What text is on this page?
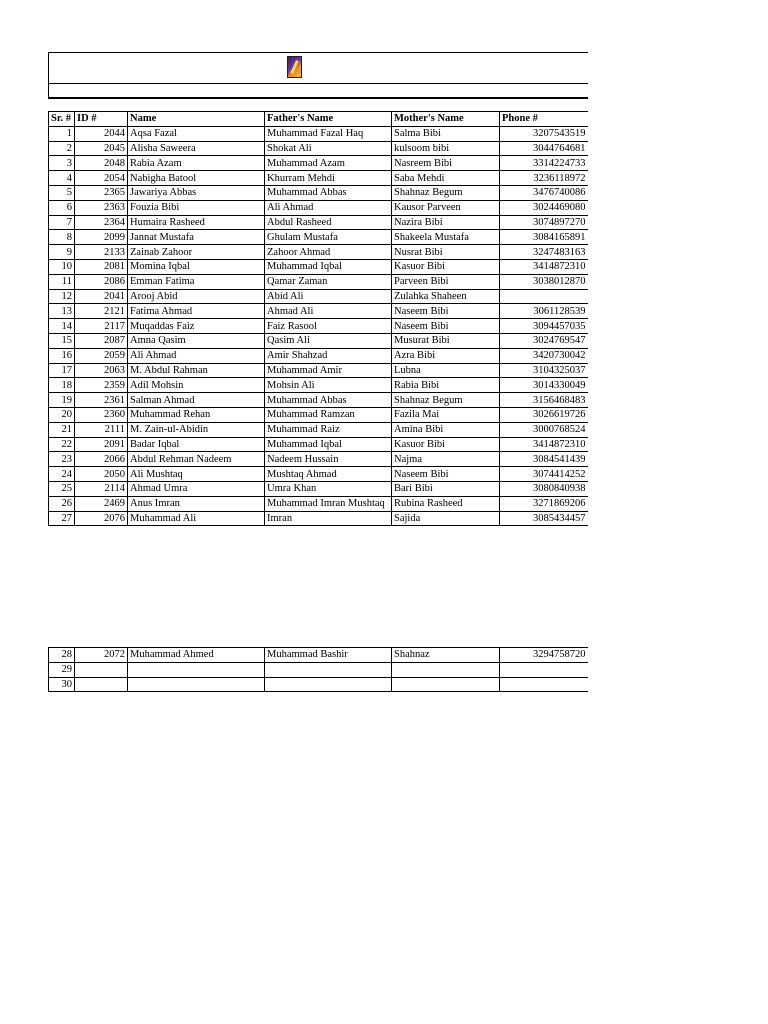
Sr. #	ID #	Name	Father's Name	Mother's Name	Phone #
1	2044	Aqsa Fazal	Muhammad Fazal Haq	Salma Bibi	3207543519
2	2045	Alisha Saweera	Shokat Ali	kulsoom bibi	3044764681
3	2048	Rabia Azam	Muhammad Azam	Nasreem Bibi	3314224733
4	2054	Nabigha Batool	Khurram Mehdi	Saba Mehdi	3236118972
5	2365	Jawariya Abbas	Muhammad Abbas	Shahnaz Begum	3476740086
6	2363	Fouzia Bibi	Ali Ahmad	Kausor Parveen	3024469080
7	2364	Humaira Rasheed	Abdul Rasheed	Nazira Bibi	3074897270
8	2099	Jannat Mustafa	Ghulam Mustafa	Shakeela Mustafa	3084165891
9	2133	Zainab Zahoor	Zahoor Ahmad	Nusrat Bibi	3247483163
10	2081	Momina Iqbal	Muhammad Iqbal	Kasuor Bibi	3414872310
11	2086	Emman Fatima	Qamar Zaman	Parveen Bibi	3038012870
12	2041	Arooj Abid	Abid Ali	Zulahka Shaheen	
13	2121	Fatima Ahmad	Ahmad Ali	Naseem Bibi	3061128539
14	2117	Muqaddas Faiz	Faiz Rasool	Naseem Bibi	3094457035
15	2087	Amna Qasim	Qasim Ali	Musurat Bibi	3024769547
16	2059	Ali Ahmad	Amir Shahzad	Azra Bibi	3420730042
17	2063	M. Abdul Rahman	Muhammad Amir	Lubna	3104325037
18	2359	Adil Mohsin	Mohsin Ali	Rabia Bibi	3014330049
19	2361	Salman Ahmad	Muhammad Abbas	Shahnaz Begum	3156468483
20	2360	Muhammad Rehan	Muhammad Ramzan	Fazila Mai	3026619726
21	2111	M. Zain-ul-Abidin	Muhammad Raiz	Amina Bibi	3000768524
22	2091	Badar Iqbal	Muhammad Iqbal	Kasuor Bibi	3414872310
23	2066	Abdul Rehman Nadeem	Nadeem Hussain	Najma	3084541439
24	2050	Ali Mushtaq	Mushtaq Ahmad	Naseem Bibi	3074414252
25	2114	Ahmad Umra	Umra Khan	Bari Bibi	3080840938
26	2469	Anus Imran	Muhammad Imran Mushtaq	Rubina Rasheed	3271869206
27	2076	Muhammad Ali	Imran	Sajida	3085434457
28	2072	Muhammad Ahmed	Muhammad Bashir	Shahnaz	3294758720
29					
30					
